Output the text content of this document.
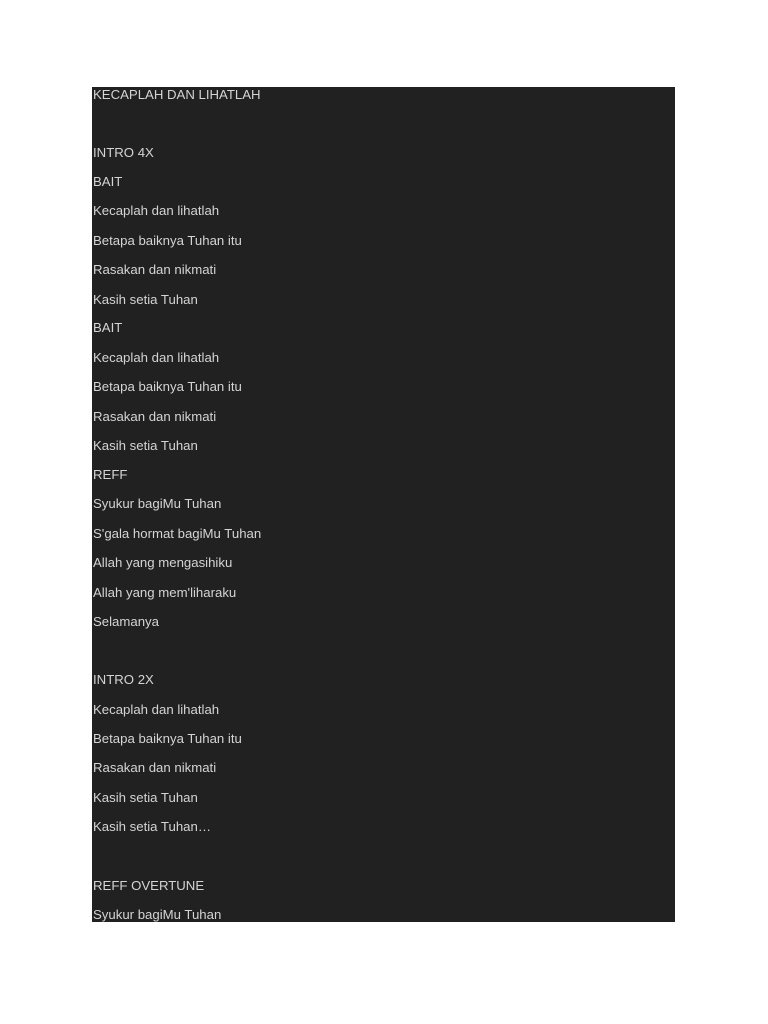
KECAPLAH DAN LIHATLAH

INTRO 4X

BAIT

Kecaplah dan lihatlah

Betapa baiknya Tuhan itu

Rasakan dan nikmati

Kasih setia Tuhan

BAIT

Kecaplah dan lihatlah

Betapa baiknya Tuhan itu

Rasakan dan nikmati

Kasih setia Tuhan

REFF

Syukur bagiMu Tuhan

S'gala hormat bagiMu Tuhan

Allah yang mengasihiku

Allah yang mem'liharaku

Selamanya

INTRO 2X

Kecaplah dan lihatlah

Betapa baiknya Tuhan itu

Rasakan dan nikmati

Kasih setia Tuhan

Kasih setia Tuhan…

REFF OVERTUNE

Syukur bagiMu Tuhan
